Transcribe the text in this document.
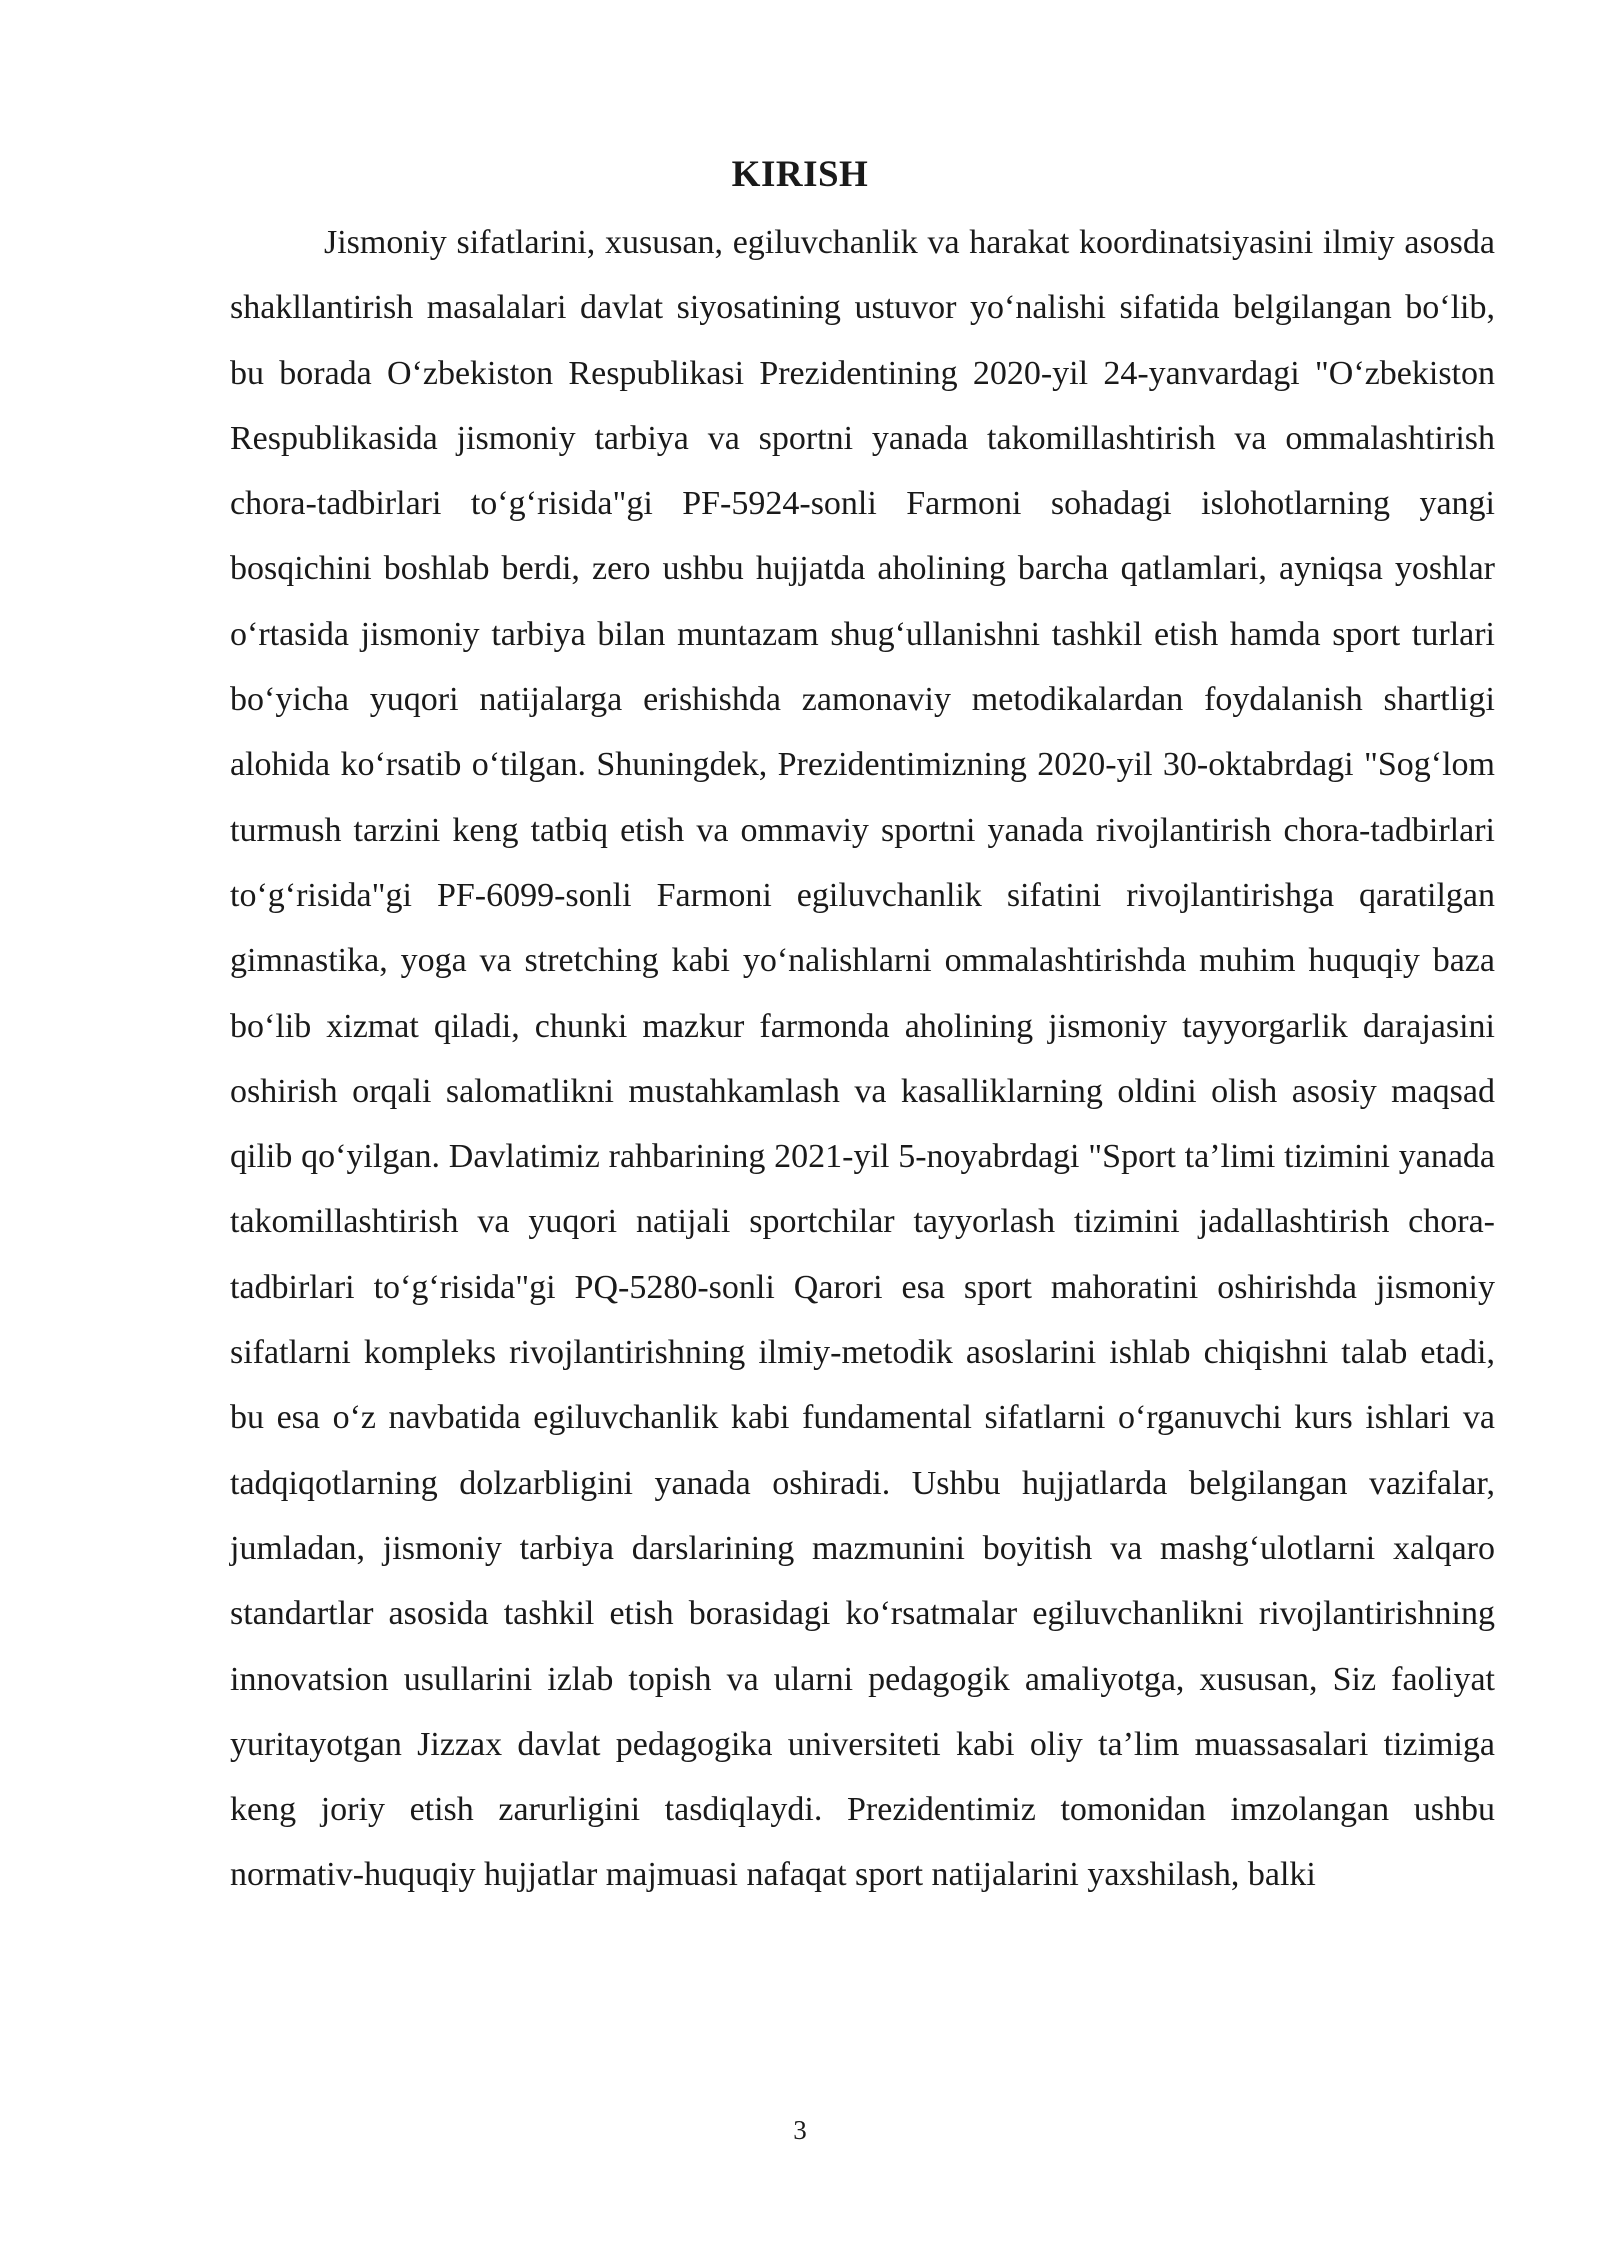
KIRISH

Jismoniy sifatlarini, xususan, egiluvchanlik va harakat koordinatsiyasini ilmiy asosda shakllantirish masalalari davlat siyosatining ustuvor yo‘nalishi sifatida belgilangan bo‘lib, bu borada O‘zbekiston Respublikasi Prezidentining 2020-yil 24-yanvardagi "O‘zbekiston Respublikasida jismoniy tarbiya va sportni yanada takomillashtirish va ommalashtirish chora-tadbirlari to‘g‘risida"gi PF-5924-sonli Farmoni sohadagi islohotlarning yangi bosqichini boshlab berdi, zero ushbu hujjatda aholining barcha qatlamlari, ayniqsa yoshlar o‘rtasida jismoniy tarbiya bilan muntazam shug‘ullanishni tashkil etish hamda sport turlari bo‘yicha yuqori natijalarga erishishda zamonaviy metodikalardan foydalanish shartligi alohida ko‘rsatib o‘tilgan. Shuningdek, Prezidentimizning 2020-yil 30-oktabrdagi "Sog‘lom turmush tarzini keng tatbiq etish va ommaviy sportni yanada rivojlantirish chora-tadbirlari to‘g‘risida"gi PF-6099-sonli Farmoni egiluvchanlik sifatini rivojlantirishga qaratilgan gimnastika, yoga va stretching kabi yo‘nalishlarni ommalashtirishda muhim huquqiy baza bo‘lib xizmat qiladi, chunki mazkur farmonda aholining jismoniy tayyorgarlik darajasini oshirish orqali salomatlikni mustahkamlash va kasalliklarning oldini olish asosiy maqsad qilib qo‘yilgan. Davlatimiz rahbarining 2021-yil 5-noyabrdagi "Sport ta’limi tizimini yanada takomillashtirish va yuqori natijali sportchilar tayyorlash tizimini jadallashtirish chora-tadbirlari to‘g‘risida"gi PQ-5280-sonli Qarori esa sport mahoratini oshirishda jismoniy sifatlarni kompleks rivojlantirishning ilmiy-metodik asoslarini ishlab chiqishni talab etadi, bu esa o‘z navbatida egiluvchanlik kabi fundamental sifatlarni o‘rganuvchi kurs ishlari va tadqiqotlarning dolzarbligini yanada oshiradi. Ushbu hujjatlarda belgilangan vazifalar, jumladan, jismoniy tarbiya darslarining mazmunini boyitish va mashg‘ulotlarni xalqaro standartlar asosida tashkil etish borasidagi ko‘rsatmalar egiluvchanlikni rivojlantirishning innovatsion usullarini izlab topish va ularni pedagogik amaliyotga, xususan, Siz faoliyat yuritayotgan Jizzax davlat pedagogika universiteti kabi oliy ta’lim muassasalari tizimiga keng joriy etish zarurligini tasdiqlaydi. Prezidentimiz tomonidan imzolangan ushbu normativ-huquqiy hujjatlar majmuasi nafaqat sport natijalarini yaxshilash, balki

3
